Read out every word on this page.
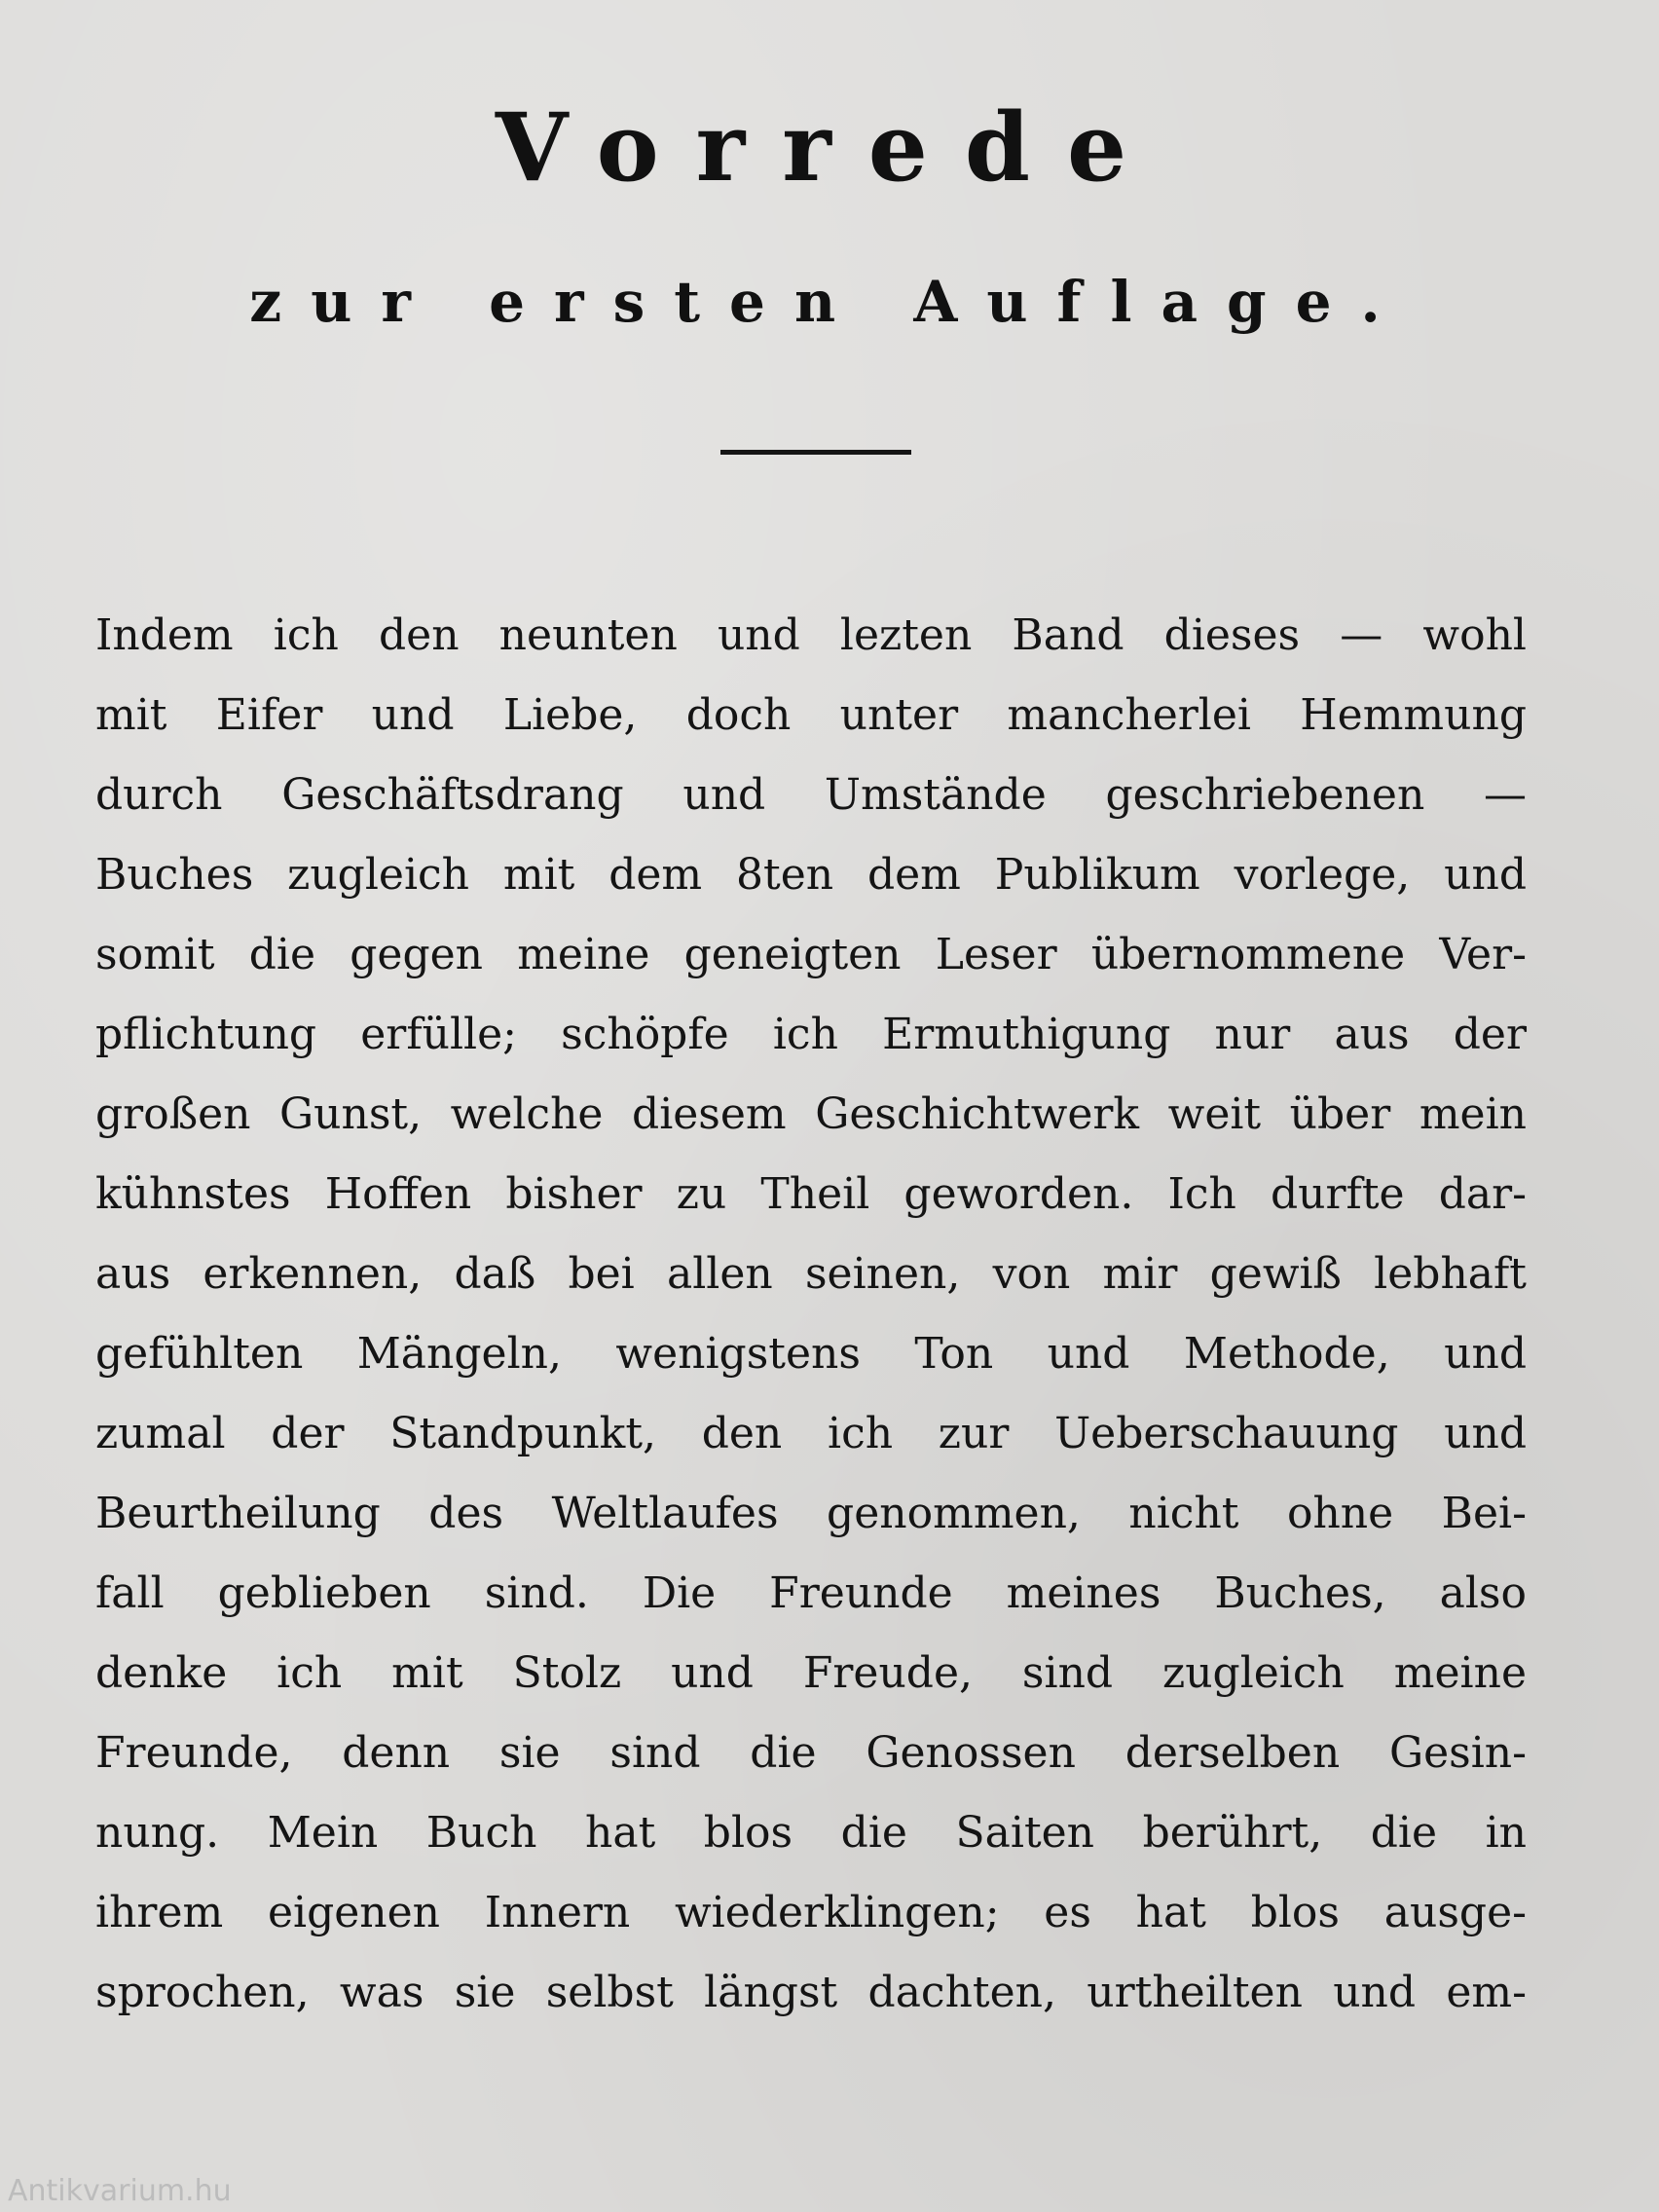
Vorrede
zur ersten Auflage.
Indem ich den neunten und lezten Band dieses — wohl
mit Eifer und Liebe, doch unter mancherlei Hemmung
durch Geschäftsdrang und Umstände geschriebenen —
Buches zugleich mit dem 8ten dem Publikum vorlege, und
somit die gegen meine geneigten Leser übernommene Ver-
pflichtung erfülle; schöpfe ich Ermuthigung nur aus der
großen Gunst, welche diesem Geschichtwerk weit über mein
kühnstes Hoffen bisher zu Theil geworden. Ich durfte dar-
aus erkennen, daß bei allen seinen, von mir gewiß lebhaft
gefühlten Mängeln, wenigstens Ton und Methode, und
zumal der Standpunkt, den ich zur Ueberschauung und
Beurtheilung des Weltlaufes genommen, nicht ohne Bei-
fall geblieben sind. Die Freunde meines Buches, also
denke ich mit Stolz und Freude, sind zugleich meine
Freunde, denn sie sind die Genossen derselben Gesin-
nung. Mein Buch hat blos die Saiten berührt, die in
ihrem eigenen Innern wiederklingen; es hat blos ausge-
sprochen, was sie selbst längst dachten, urtheilten und em-
Antikvarium.hu
